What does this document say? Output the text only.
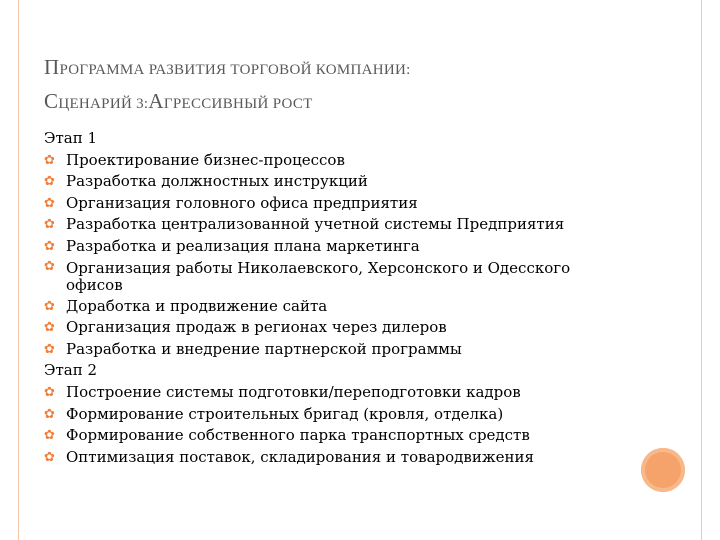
ПРОГРАММА РАЗВИТИЯ ТОРГОВОЙ КОМПАНИИ:
СЦЕНАРИЙ 3:АГРЕССИВНЫЙ РОСТ
Этап 1
✿ Проектирование бизнес-процессов
✿ Разработка должностных инструкций
✿ Организация головного офиса предприятия
✿ Разработка централизованной учетной системы Предприятия
✿ Разработка и реализация плана маркетинга
✿ Организация работы Николаевского, Херсонского и Одесского офисов
✿ Доработка и продвижение сайта
✿ Организация продаж в регионах через дилеров
✿ Разработка и внедрение партнерской программы
Этап 2
✿ Построение системы подготовки/переподготовки кадров
✿ Формирование строительных бригад (кровля, отделка)
✿ Формирование собственного парка транспортных средств
✿ Оптимизация поставок, складирования и товародвижения
